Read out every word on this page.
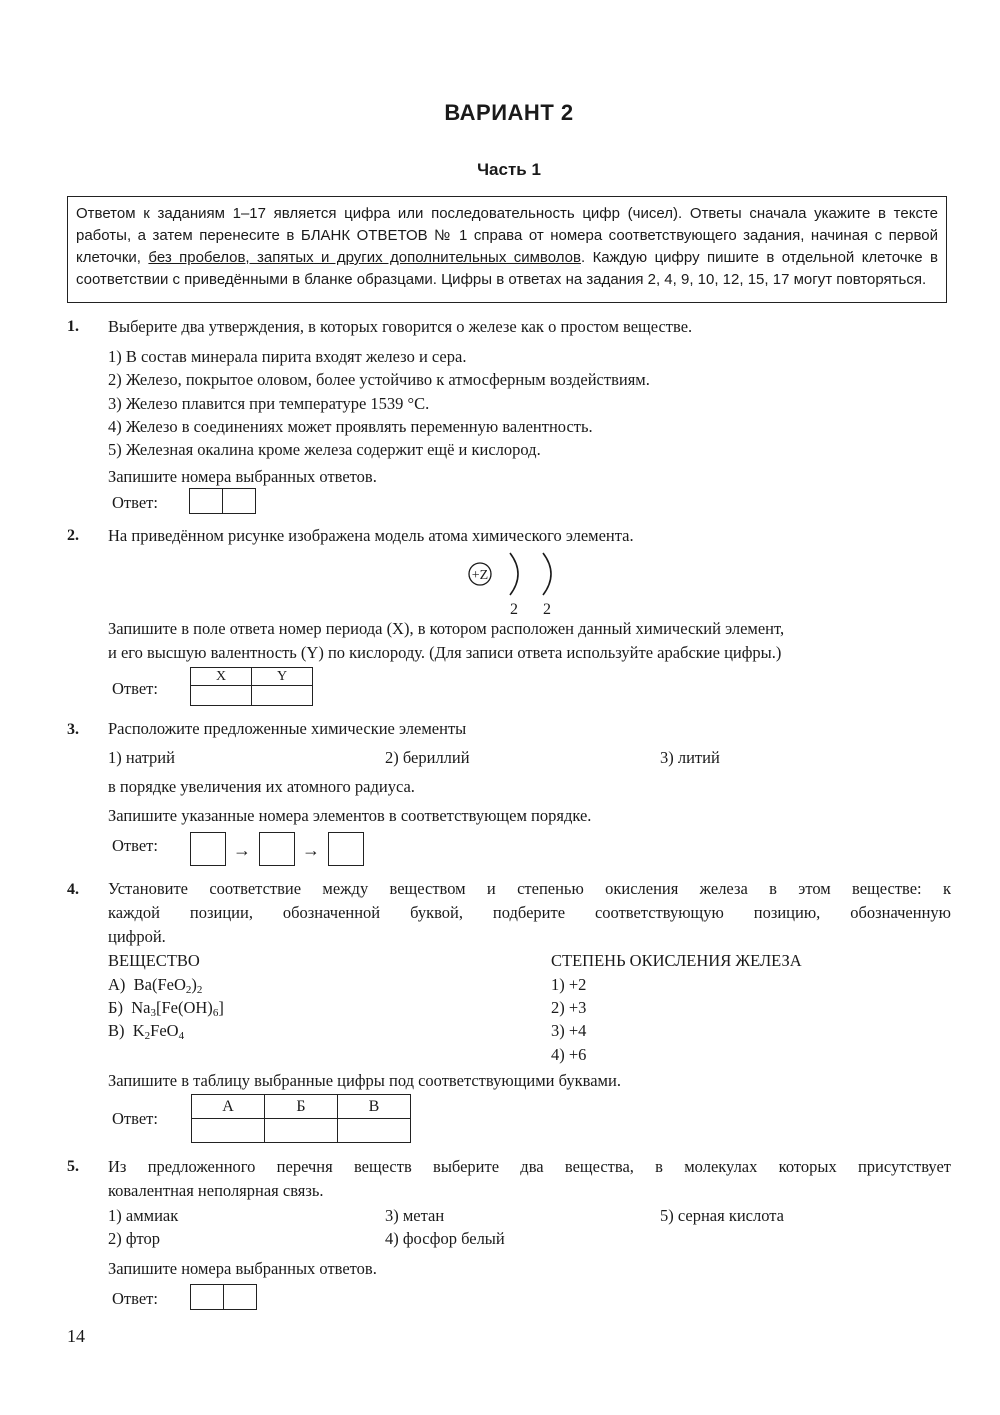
ВАРИАНТ 2
Часть 1
Ответом к заданиям 1–17 является цифра или последовательность цифр (чисел). Ответы сначала укажите в тексте работы, а затем перенесите в БЛАНК ОТВЕТОВ № 1 справа от номера соответствующего задания, начиная с первой клеточки, без пробелов, запятых и других дополнительных символов. Каждую цифру пишите в отдельной клеточке в соответствии с приведёнными в бланке образцами. Цифры в ответах на задания 2, 4, 9, 10, 12, 15, 17 могут повторяться.
1. Выберите два утверждения, в которых говорится о железе как о простом веществе.
1) В состав минерала пирита входят железо и сера.
2) Железо, покрытое оловом, более устойчиво к атмосферным воздействиям.
3) Железо плавится при температуре 1539 °С.
4) Железо в соединениях может проявлять переменную валентность.
5) Железная окалина кроме железа содержит ещё и кислород.
Запишите номера выбранных ответов.
Ответ:
2. На приведённом рисунке изображена модель атома химического элемента.
+Z
2 2
Запишите в поле ответа номер периода (X), в котором расположен данный химический элемент,
и его высшую валентность (Y) по кислороду. (Для записи ответа используйте арабские цифры.)
Ответ:
X	Y

3. Расположите предложенные химические элементы
1) натрий	2) бериллий	3) литий
в порядке увеличения их атомного радиуса.
Запишите указанные номера элементов в соответствующем порядке.
Ответ:	→	→
4. Установите соответствие между веществом и степенью окисления железа в этом веществе: к
каждой позиции, обозначенной буквой, подберите соответствующую позицию, обозначенную
цифрой.
ВЕЩЕСТВО	СТЕПЕНЬ ОКИСЛЕНИЯ ЖЕЛЕЗА
А) $Ba(FeO_2)_2$
Б) $Na_3[Fe(OH)_6]$
В) $K_2FeO_4$
1) +2
2) +3
3) +4
4) +6
Запишите в таблицу выбранные цифры под соответствующими буквами.
Ответ:
А	Б	В

5. Из предложенного перечня веществ выберите два вещества, в молекулах которых присутствует
ковалентная неполярная связь.
1) аммиак	3) метан	5) серная кислота
2) фтор	4) фосфор белый
Запишите номера выбранных ответов.
Ответ:
14
